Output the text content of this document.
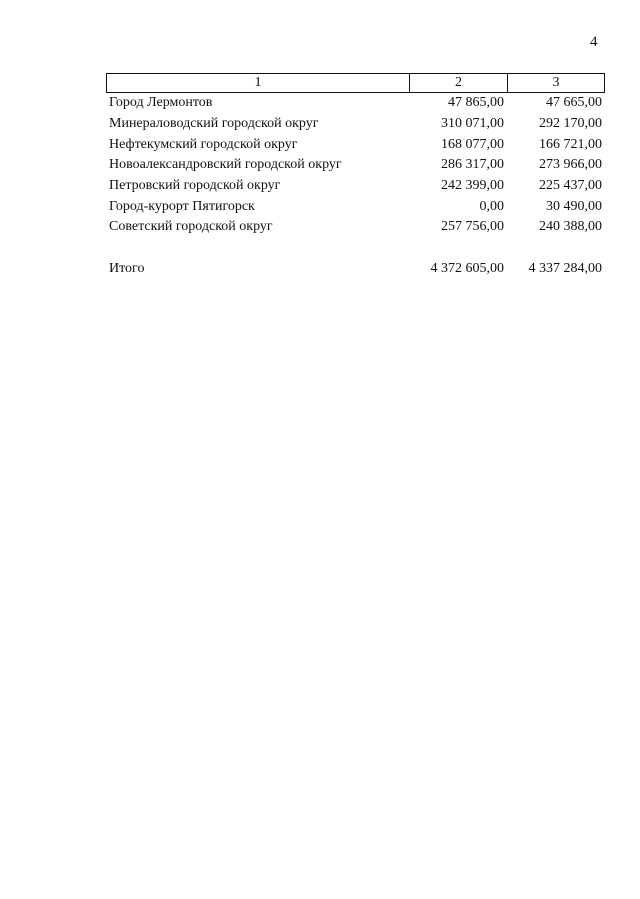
4
1	2	3
Город Лермонтов	47 865,00	47 665,00
Минераловодский городской округ	310 071,00	292 170,00
Нефтекумский городской округ	168 077,00	166 721,00
Новоалександровский городской округ	286 317,00	273 966,00
Петровский городской округ	242 399,00	225 437,00
Город-курорт Пятигорск	0,00	30 490,00
Советский городской округ	257 756,00	240 388,00
Итого	4 372 605,00	4 337 284,00
